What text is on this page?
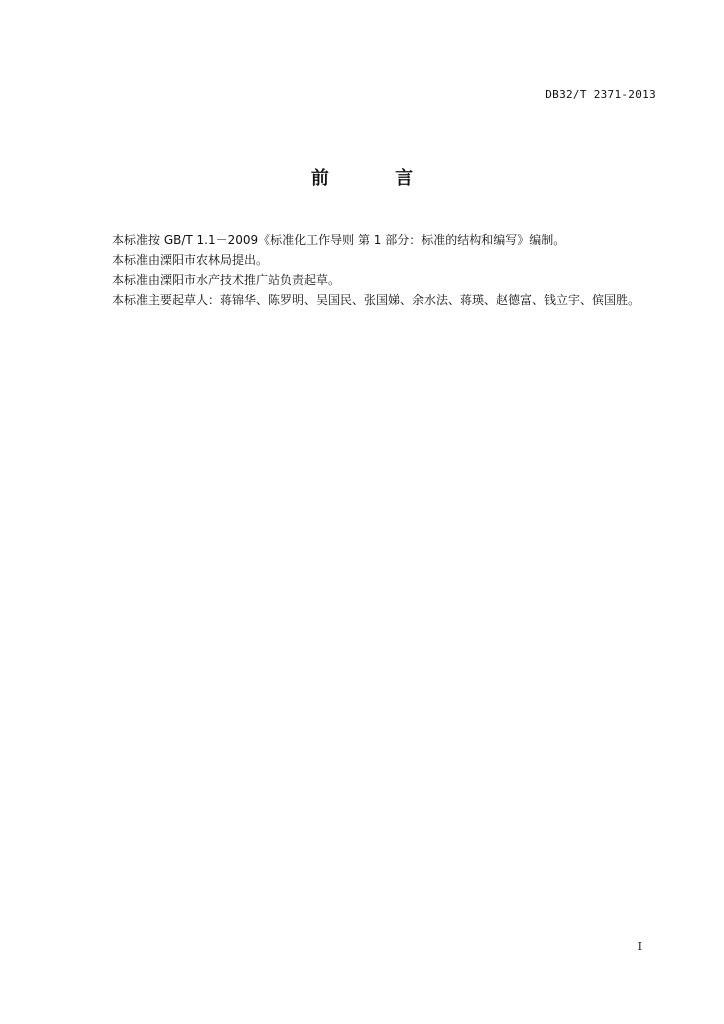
DB32/T 2371-2013
前 言

本标准按 GB/T 1.1－2009《标准化工作导则 第 1 部分：标准的结构和编写》编制。

本标准由溧阳市农林局提出。

本标准由溧阳市水产技术推广站负责起草。

本标准主要起草人：蒋锦华、陈罗明、吴国民、张国娣、余水法、蒋瑛、赵德富、钱立宇、傧国胜。

I
